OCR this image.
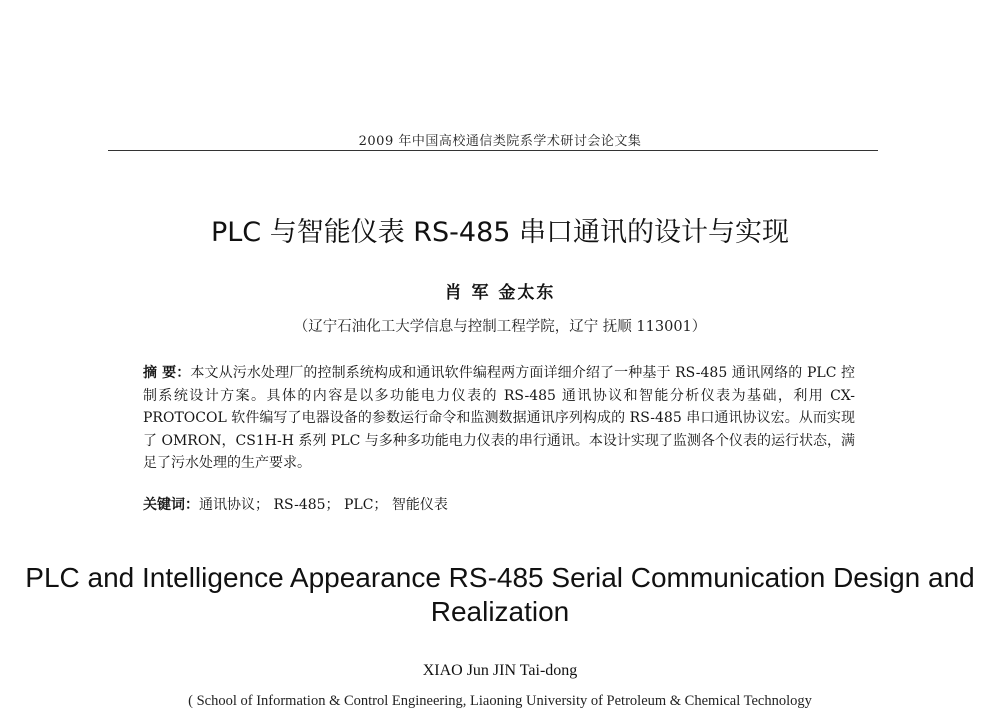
2009 年中国高校通信类院系学术研讨会论文集
PLC 与智能仪表 RS-485 串口通讯的设计与实现
肖 军 金太东
（辽宁石油化工大学信息与控制工程学院，辽宁 抚顺 113001）
摘 要：本文从污水处理厂的控制系统构成和通讯软件编程两方面详细介绍了一种基于 RS-485 通讯网络的 PLC 控制系统设计方案。具体的内容是以多功能电力仪表的 RS-485 通讯协议和智能分析仪表为基础，利用 CX-PROTOCOL 软件编写了电器设备的参数运行命令和监测数据通讯序列构成的 RS-485 串口通讯协议宏。从而实现了 OMRON，CS1H-H 系列 PLC 与多种多功能电力仪表的串行通讯。本设计实现了监测各个仪表的运行状态，满足了污水处理的生产要求。
关键词：通讯协议； RS-485； PLC； 智能仪表
PLC and Intelligence Appearance RS-485 Serial Communication Design and Realization
XIAO Jun JIN Tai-dong
( School of Information & Control Engineering, Liaoning University of Petroleum & Chemical Technology
